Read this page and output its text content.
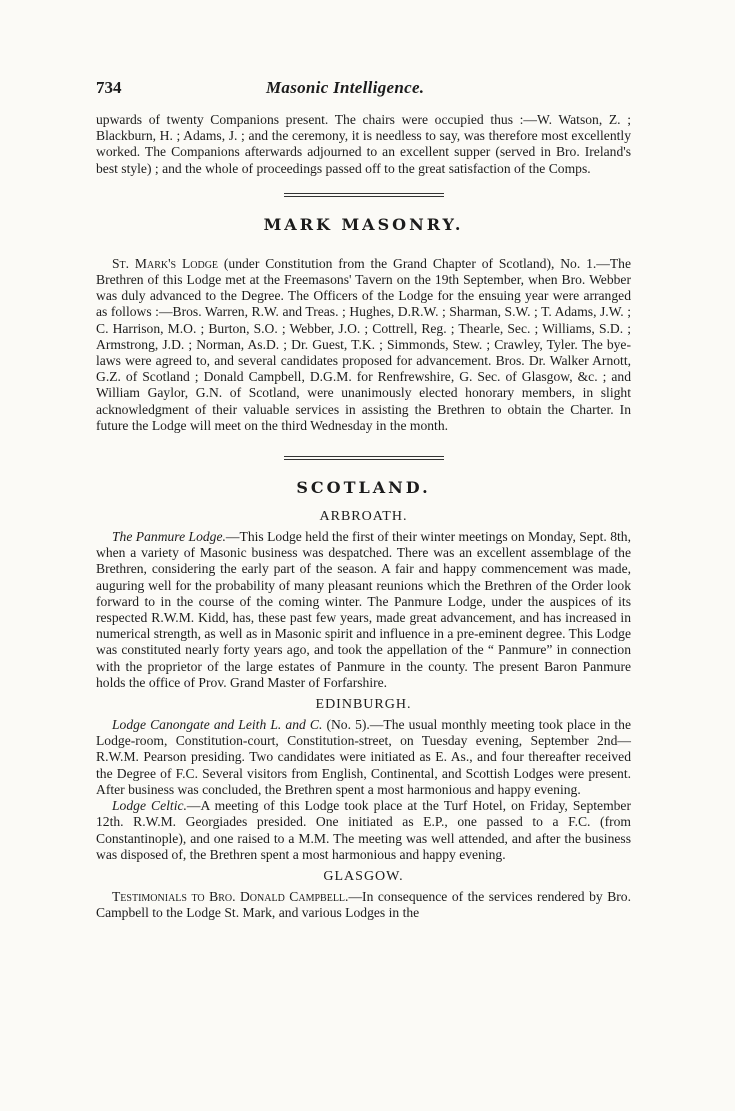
734	Masonic Intelligence.

upwards of twenty Companions present. The chairs were occupied thus :—W. Watson, Z. ; Blackburn, H. ; Adams, J. ; and the ceremony, it is needless to say, was therefore most excellently worked. The Companions afterwards adjourned to an excellent supper (served in Bro. Ireland's best style) ; and the whole of proceedings passed off to the great satisfaction of the Comps.

MARK MASONRY.

St. Mark's Lodge (under Constitution from the Grand Chapter of Scotland), No. 1.—The Brethren of this Lodge met at the Freemasons' Tavern on the 19th September, when Bro. Webber was duly advanced to the Degree. The Officers of the Lodge for the ensuing year were arranged as follows :—Bros. Warren, R.W. and Treas. ; Hughes, D.R.W. ; Sharman, S.W. ; T. Adams, J.W. ; C. Harrison, M.O. ; Burton, S.O. ; Webber, J.O. ; Cottrell, Reg. ; Thearle, Sec. ; Williams, S.D. ; Armstrong, J.D. ; Norman, As.D. ; Dr. Guest, T.K. ; Simmonds, Stew. ; Crawley, Tyler. The bye-laws were agreed to, and several candidates proposed for advancement. Bros. Dr. Walker Arnott, G.Z. of Scotland ; Donald Campbell, D.G.M. for Renfrewshire, G. Sec. of Glasgow, &c. ; and William Gaylor, G.N. of Scotland, were unanimously elected honorary members, in slight acknowledgment of their valuable services in assisting the Brethren to obtain the Charter. In future the Lodge will meet on the third Wednesday in the month.

SCOTLAND.
ARBROATH.

The Panmure Lodge.—This Lodge held the first of their winter meetings on Monday, Sept. 8th, when a variety of Masonic business was despatched. There was an excellent assemblage of the Brethren, considering the early part of the season. A fair and happy commencement was made, auguring well for the probability of many pleasant reunions which the Brethren of the Order look forward to in the course of the coming winter. The Panmure Lodge, under the auspices of its respected R.W.M. Kidd, has, these past few years, made great advancement, and has increased in numerical strength, as well as in Masonic spirit and influence in a pre-eminent degree. This Lodge was constituted nearly forty years ago, and took the appellation of the “ Panmure” in connection with the proprietor of the large estates of Panmure in the county. The present Baron Panmure holds the office of Prov. Grand Master of Forfarshire.

EDINBURGH.

Lodge Canongate and Leith L. and C. (No. 5).—The usual monthly meeting took place in the Lodge-room, Constitution-court, Constitution-street, on Tuesday evening, September 2nd—R.W.M. Pearson presiding. Two candidates were initiated as E. As., and four thereafter received the Degree of F.C. Several visitors from English, Continental, and Scottish Lodges were present. After business was concluded, the Brethren spent a most harmonious and happy evening.

Lodge Celtic.—A meeting of this Lodge took place at the Turf Hotel, on Friday, September 12th. R.W.M. Georgiades presided. One initiated as E.P., one passed to a F.C. (from Constantinople), and one raised to a M.M. The meeting was well attended, and after the business was disposed of, the Brethren spent a most harmonious and happy evening.

GLASGOW.

Testimonials to Bro. Donald Campbell.—In consequence of the services rendered by Bro. Campbell to the Lodge St. Mark, and various Lodges in the
